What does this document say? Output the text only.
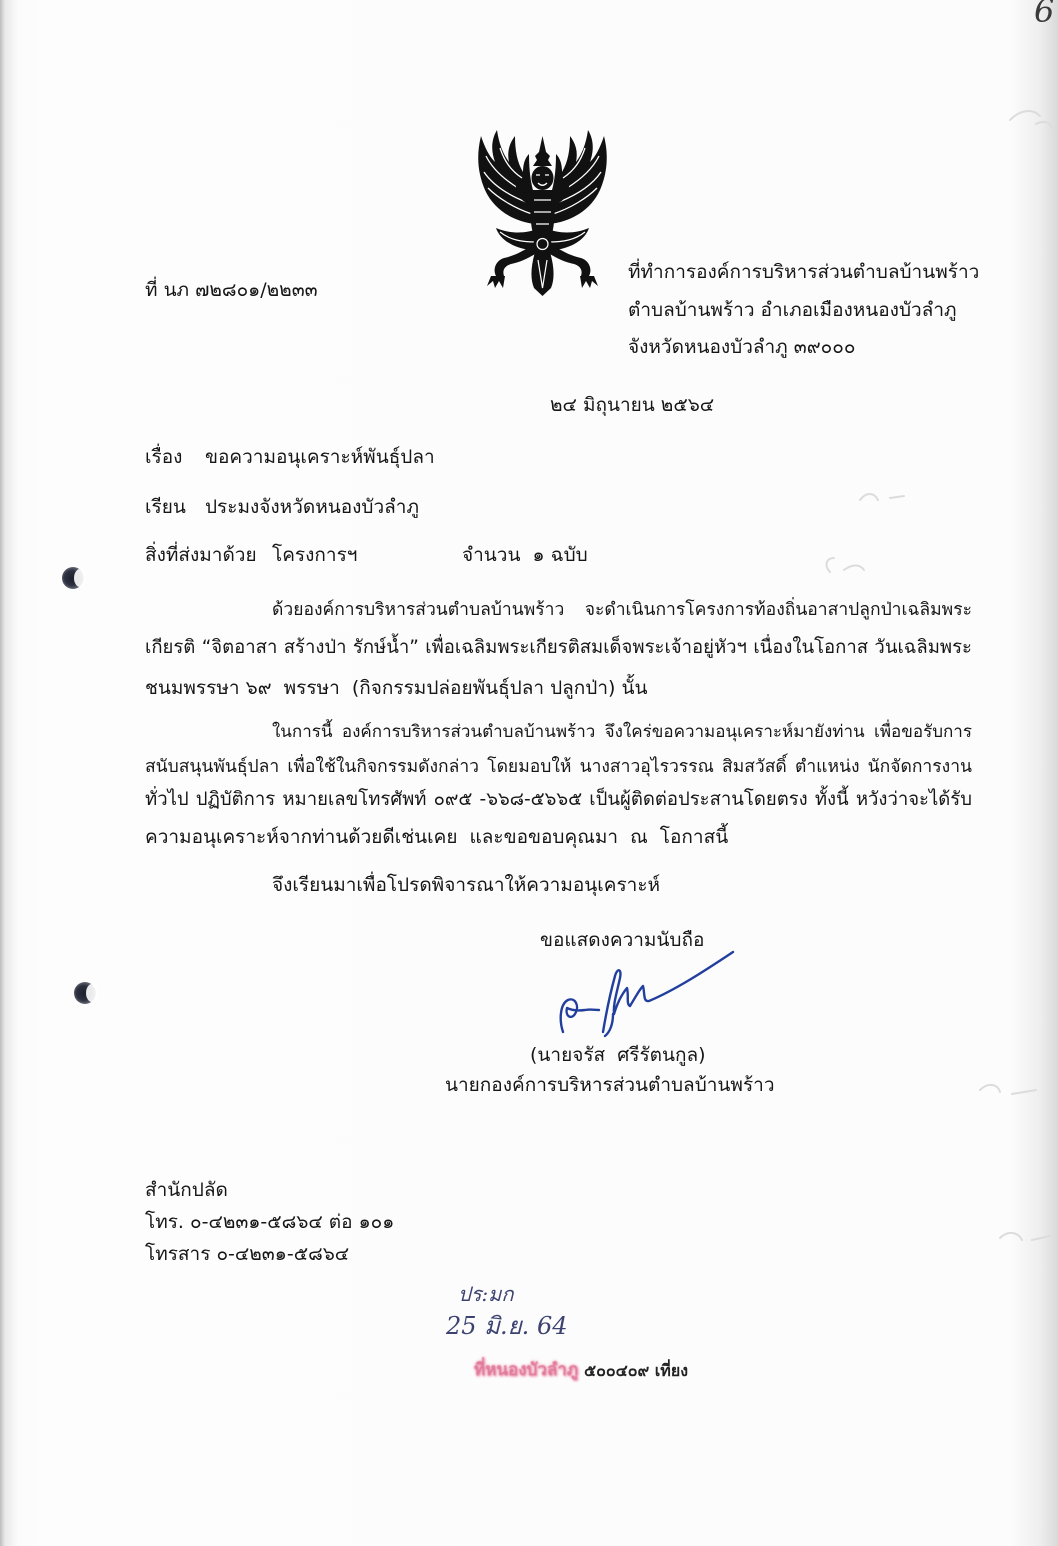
6
ที่ นภ ๗๒๘๐๑/๒๒๓๓
ที่ทำการองค์การบริหารส่วนตำบลบ้านพร้าว
ตำบลบ้านพร้าว อำเภอเมืองหนองบัวลำภู
จังหวัดหนองบัวลำภู ๓๙๐๐๐
๒๔ มิถุนายน ๒๕๖๔
เรื่อง	ขอความอนุเคราะห์พันธุ์ปลา
เรียน	ประมงจังหวัดหนองบัวลำภู
สิ่งที่ส่งมาด้วย โครงการฯ	จำนวน  ๑ ฉบับ
ด้วยองค์การบริหารส่วนตำบลบ้านพร้าว จะดำเนินการโครงการท้องถิ่นอาสาปลูกป่าเฉลิมพระ
เกียรติ “จิตอาสา สร้างป่า รักษ์น้ำ” เพื่อเฉลิมพระเกียรติสมเด็จพระเจ้าอยู่หัวฯ เนื่องในโอกาส วันเฉลิมพระ
ชนมพรรษา ๖๙  พรรษา  (กิจกรรมปล่อยพันธุ์ปลา ปลูกป่า) นั้น
ในการนี้ องค์การบริหารส่วนตำบลบ้านพร้าว จึงใคร่ขอความอนุเคราะห์มายังท่าน เพื่อขอรับการ
สนับสนุนพันธุ์ปลา เพื่อใช้ในกิจกรรมดังกล่าว โดยมอบให้ นางสาวอุไรวรรณ สิมสวัสดิ์ ตำแหน่ง นักจัดการงาน
ทั่วไป ปฏิบัติการ หมายเลขโทรศัพท์ ๐๙๕ -๖๖๘-๕๖๖๕ เป็นผู้ติดต่อประสานโดยตรง ทั้งนี้ หวังว่าจะได้รับ
ความอนุเคราะห์จากท่านด้วยดีเช่นเคย  และขอขอบคุณมา  ณ  โอกาสนี้
จึงเรียนมาเพื่อโปรดพิจารณาให้ความอนุเคราะห์
ขอแสดงความนับถือ
(นายจรัส  ศรีรัตนกูล)
นายกองค์การบริหารส่วนตำบลบ้านพร้าว
สำนักปลัด
โทร. ๐-๔๒๓๑-๕๘๖๔ ต่อ ๑๐๑
โทรสาร ๐-๔๒๓๑-๕๘๖๔
ปร:มก
25 มิ.ย. 64
ที่หนองบัวลำภู ๕๐๐๔๐๙ เที่ยง
